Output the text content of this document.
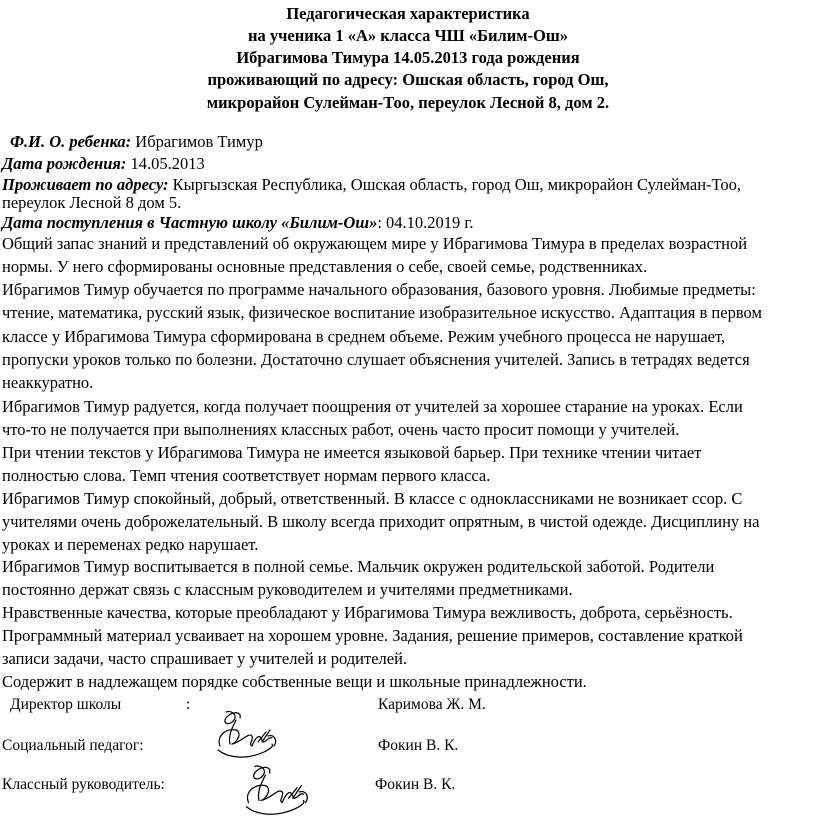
Педагогическая характеристика
на ученика 1 «А» класса ЧШ «Билим-Ош»
Ибрагимова Тимура 14.05.2013 года рождения
проживающий по адресу: Ошская область, город Ош,
микрорайон Сулейман-Тоо, переулок Лесной 8, дом 2.
Ф.И. О. ребенка: Ибрагимов Тимур
Дата рождения: 14.05.2013
Проживает по адресу: Кыргызская Республика, Ошская область, город Ош, микрорайон Сулейман-Тоо,
переулок Лесной 8 дом 5.
Дата поступления в Частную школу «Билим-Ош»: 04.10.2019 г.
Общий запас знаний и представлений об окружающем мире у Ибрагимова Тимура в пределах возрастной
нормы. У него сформированы основные представления о себе, своей семье, родственниках.
Ибрагимов Тимур обучается по программе начального образования, базового уровня. Любимые предметы:
чтение, математика, русский язык, физическое воспитание изобразительное искусство. Адаптация в первом
классе у Ибрагимова Тимура сформирована в среднем объеме. Режим учебного процесса не нарушает,
пропуски уроков только по болезни. Достаточно слушает объяснения учителей. Запись в тетрадях ведется
неаккуратно.
Ибрагимов Тимур радуется, когда получает поощрения от учителей за хорошее старание на уроках. Если
что-то не получается при выполнениях классных работ, очень часто просит помощи у учителей.
При чтении текстов у Ибрагимова Тимура не имеется языковой барьер. При технике чтении читает
полностью слова. Темп чтения соответствует нормам первого класса.
Ибрагимов Тимур спокойный, добрый, ответственный. В классе с одноклассниками не возникает ссор. С
учителями очень доброжелательный. В школу всегда приходит опрятным, в чистой одежде. Дисциплину на
уроках и переменах редко нарушает.
Ибрагимов Тимур воспитывается в полной семье. Мальчик окружен родительской заботой. Родители
постоянно держат связь с классным руководителем и учителями предметниками.
Нравственные качества, которые преобладают у Ибрагимова Тимура вежливость, доброта, серьёзность.
Программный материал усваивает на хорошем уровне. Задания, решение примеров, составление краткой
записи задачи, часто спрашивает у учителей и родителей.
Содержит в надлежащем порядке собственные вещи и школьные принадлежности.
Директор школы	:	Каримова Ж. М.
Социальный педагог:	Фокин В. К.
Классный руководитель:	Фокин В. К.
